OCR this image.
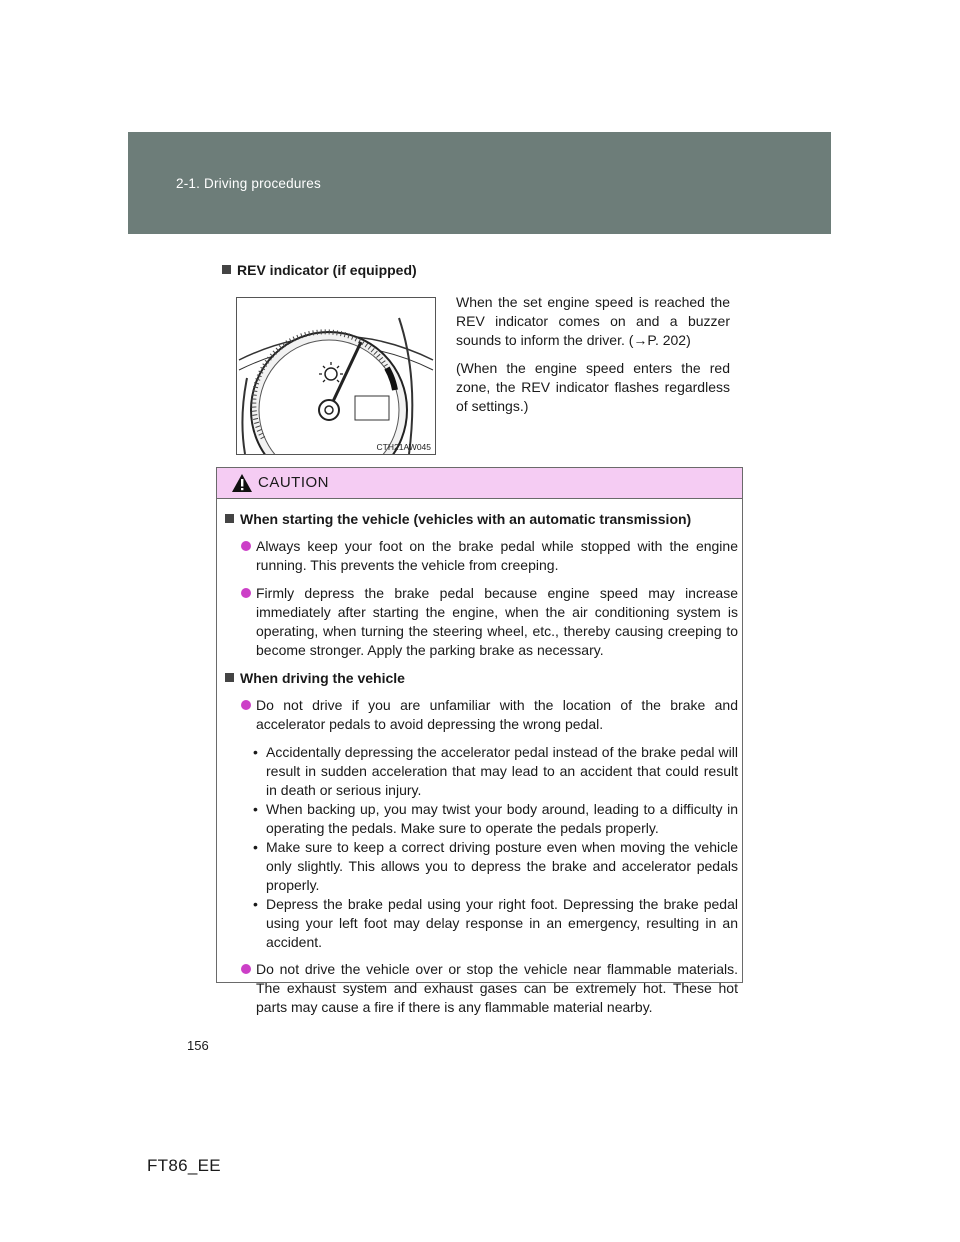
2-1. Driving procedures
REV indicator (if equipped)
CTH21AW045

When the set engine speed is reached the REV indicator comes on and a buzzer sounds to inform the driver. (→P. 202)

(When the engine speed enters the red zone, the REV indicator flashes regardless of settings.)

CAUTION
When starting the vehicle (vehicles with an automatic transmission)
Always keep your foot on the brake pedal while stopped with the engine running. This prevents the vehicle from creeping.
Firmly depress the brake pedal because engine speed may increase immediately after starting the engine, when the air conditioning system is operating, when turning the steering wheel, etc., thereby causing creeping to become stronger. Apply the parking brake as necessary.
When driving the vehicle
Do not drive if you are unfamiliar with the location of the brake and accelerator pedals to avoid depressing the wrong pedal.
• Accidentally depressing the accelerator pedal instead of the brake pedal will result in sudden acceleration that may lead to an accident that could result in death or serious injury.
• When backing up, you may twist your body around, leading to a difficulty in operating the pedals. Make sure to operate the pedals properly.
• Make sure to keep a correct driving posture even when moving the vehicle only slightly. This allows you to depress the brake and accelerator pedals properly.
• Depress the brake pedal using your right foot. Depressing the brake pedal using your left foot may delay response in an emergency, resulting in an accident.
Do not drive the vehicle over or stop the vehicle near flammable materials. The exhaust system and exhaust gases can be extremely hot. These hot parts may cause a fire if there is any flammable material nearby.
156
FT86_EE
